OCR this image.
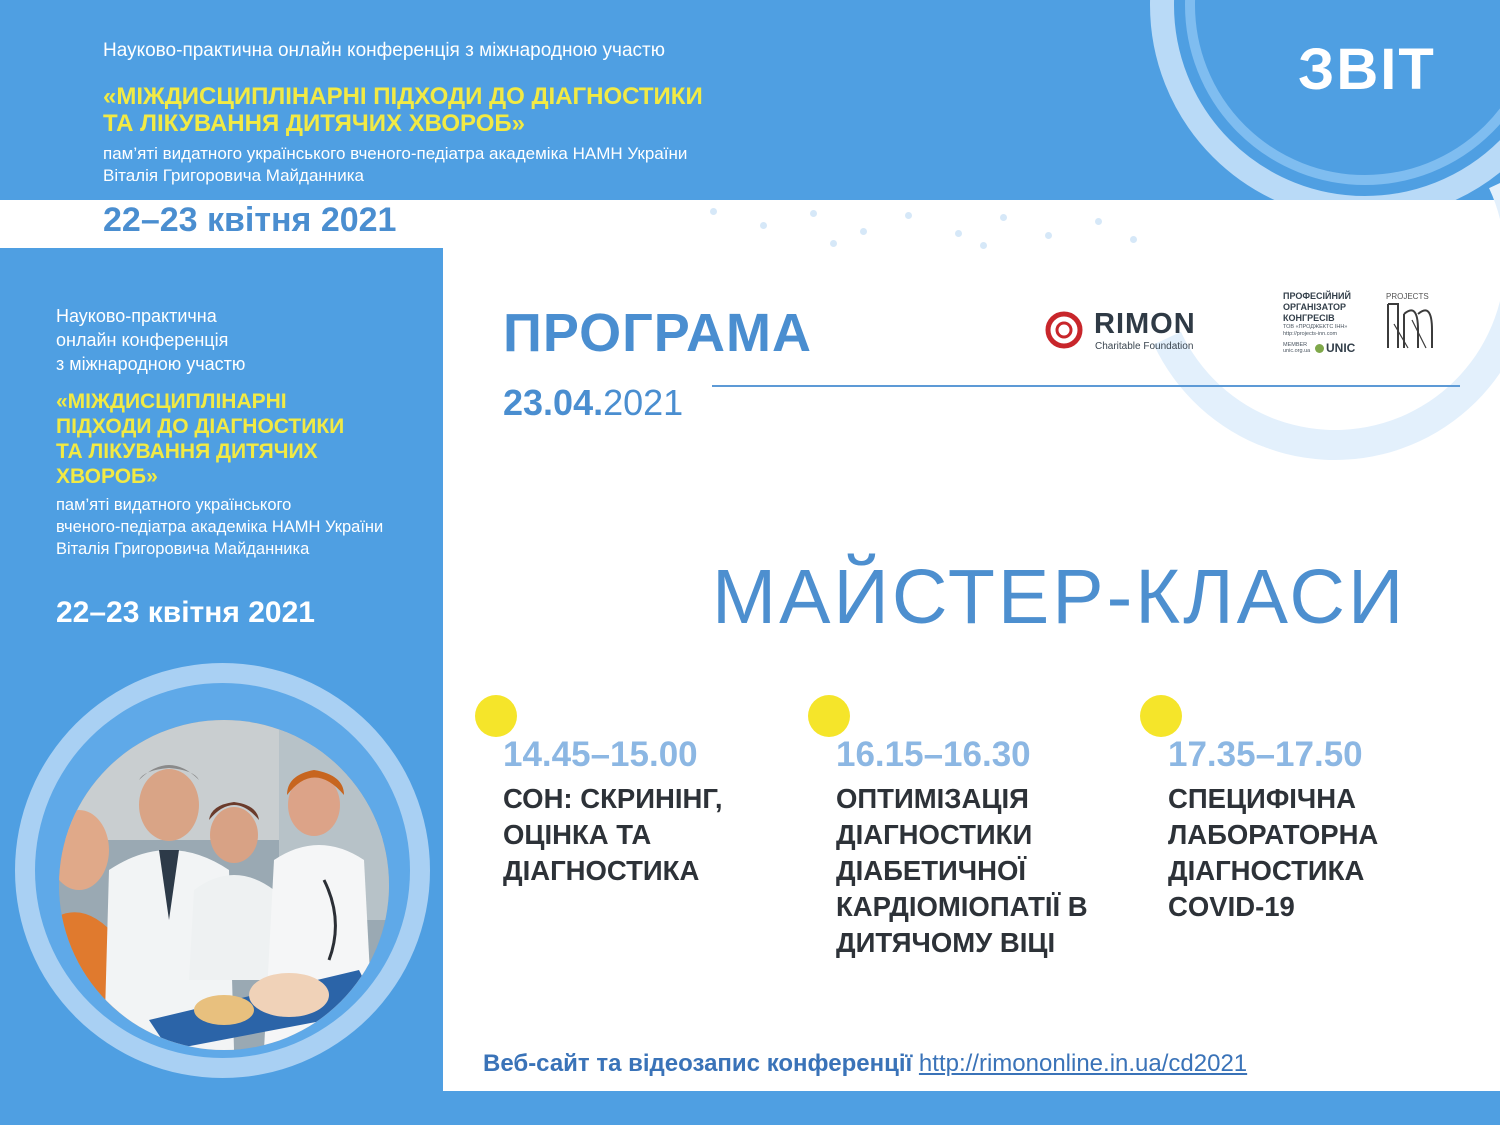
Науково-практична онлайн конференція з міжнародною участю
«МІЖДИСЦИПЛІНАРНІ ПІДХОДИ ДО ДІАГНОСТИКИ
ТА ЛІКУВАННЯ ДИТЯЧИХ ХВОРОБ»
пам’яті видатного українського вченого-педіатра академіка НАМН України
Віталія Григоровича Майданника
ЗВІТ
22–23 квітня 2021
Науково-практична
онлайн конференція
з міжнародною участю
«МІЖДИСЦИПЛІНАРНІ
ПІДХОДИ ДО ДІАГНОСТИКИ
ТА ЛІКУВАННЯ ДИТЯЧИХ
ХВОРОБ»
пам’яті видатного українського
вченого-педіатра академіка НАМН України
Віталія Григоровича Майданника
22–23 квітня 2021
ПРОГРАМА
23.04.2021
RIMON
Charitable Foundation
ПРОФЕСІЙНИЙ
ОРГАНІЗАТОР
КОНГРЕСІВ
ТОВ «ПРОДЖЕКТС ІНН»
http://projects-inn.com
MEMBER
unic.org.ua	UNIC
PROJECTS
МАЙСТЕР-КЛАСИ
14.45–15.00
СОН: СКРИНІНГ,
ОЦІНКА ТА
ДІАГНОСТИКА
16.15–16.30
ОПТИМІЗАЦІЯ
ДІАГНОСТИКИ
ДІАБЕТИЧНОЇ
КАРДІОМІОПАТІЇ В
ДИТЯЧОМУ ВІЦІ
17.35–17.50
СПЕЦИФІЧНА
ЛАБОРАТОРНА
ДІАГНОСТИКА
COVID-19
Веб-сайт та відеозапис конференції http://rimononline.in.ua/cd2021
